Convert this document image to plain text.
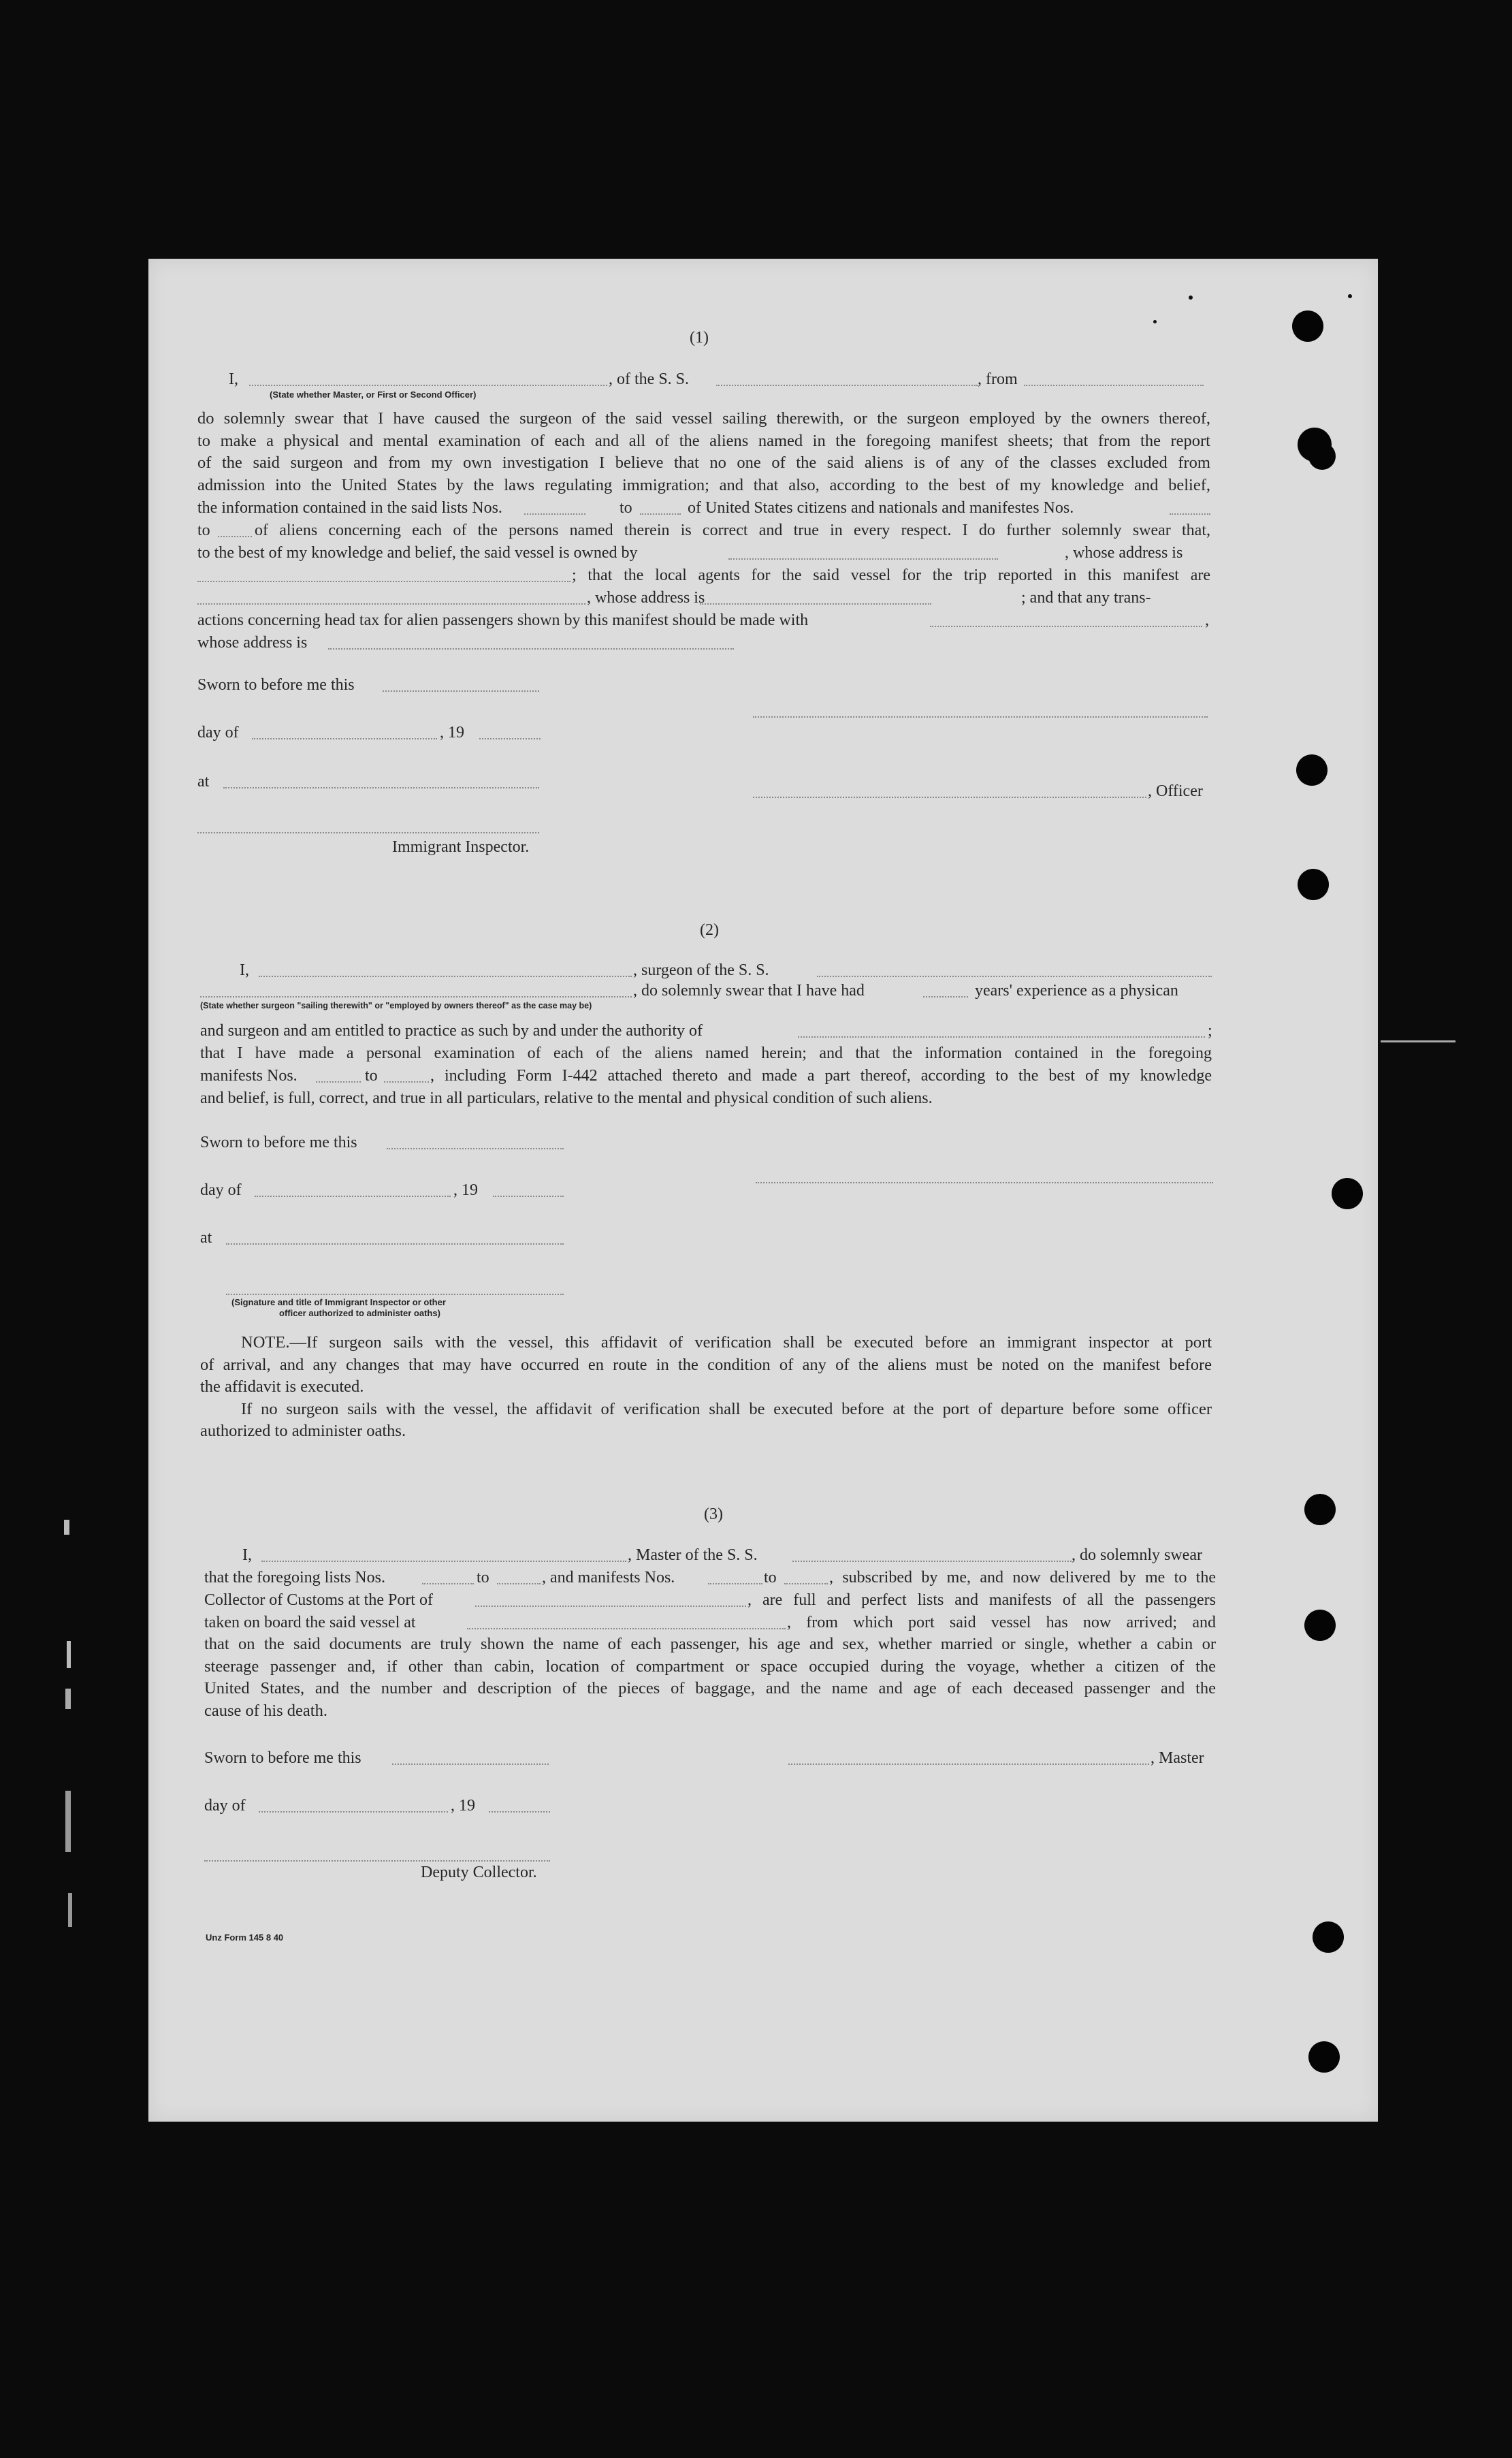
(1)
I,	, of the S. S.	, from
(State whether Master, or First or Second Officer)
do solemnly swear that I have caused the surgeon of the said vessel sailing therewith, or the surgeon employed by the owners thereof,
to make a physical and mental examination of each and all of the aliens named in the foregoing manifest sheets; that from the report
of the said surgeon and from my own investigation I believe that no one of the said aliens is of any of the classes excluded from
admission into the United States by the laws regulating immigration; and that also, according to the best of my knowledge and belief,
the information contained in the said lists Nos.	to	of United States citizens and nationals and manifestes Nos.
to	of aliens concerning each of the persons named therein is correct and true in every respect. I do further solemnly swear that,
to the best of my knowledge and belief, the said vessel is owned by	, whose address is
; that the local agents for the said vessel for the trip reported in this manifest are
, whose address is	; and that any trans-
actions concerning head tax for alien passengers shown by this manifest should be made with	,
whose address is
Sworn to before me this
day of	, 19
at
, Officer
Immigrant Inspector.
(2)
I,	, surgeon of the S. S.
, do solemnly swear that I have had	years' experience as a physican
(State whether surgeon "sailing therewith" or "employed by owners thereof" as the case may be)
and surgeon and am entitled to practice as such by and under the authority of	;
that I have made a personal examination of each of the aliens named herein; and that the information contained in the foregoing
manifests Nos.	to	, including Form I-442 attached thereto and made a part thereof, according to the best of my knowledge
and belief, is full, correct, and true in all particulars, relative to the mental and physical condition of such aliens.
Sworn to before me this
day of	, 19
at
(Signature and title of Immigrant Inspector or other
officer authorized to administer oaths)
NOTE.—If surgeon sails with the vessel, this affidavit of verification shall be executed before an immigrant inspector at port
of arrival, and any changes that may have occurred en route in the condition of any of the aliens must be noted on the manifest before
the affidavit is executed.
If no surgeon sails with the vessel, the affidavit of verification shall be executed before at the port of departure before some officer
authorized to administer oaths.
(3)
I,	, Master of the S. S.	, do solemnly swear
that the foregoing lists Nos.	to	, and manifests Nos.	to	, subscribed by me, and now delivered by me to the
Collector of Customs at the Port of	, are full and perfect lists and manifests of all the passengers
taken on board the said vessel at	, from which port said vessel has now arrived; and
that on the said documents are truly shown the name of each passenger, his age and sex, whether married or single, whether a cabin or
steerage passenger and, if other than cabin, location of compartment or space occupied during the voyage, whether a citizen of the
United States, and the number and description of the pieces of baggage, and the name and age of each deceased passenger and the
cause of his death.
Sworn to before me this	, Master
day of	, 19
Deputy Collector.
Unz Form 145 8 40
